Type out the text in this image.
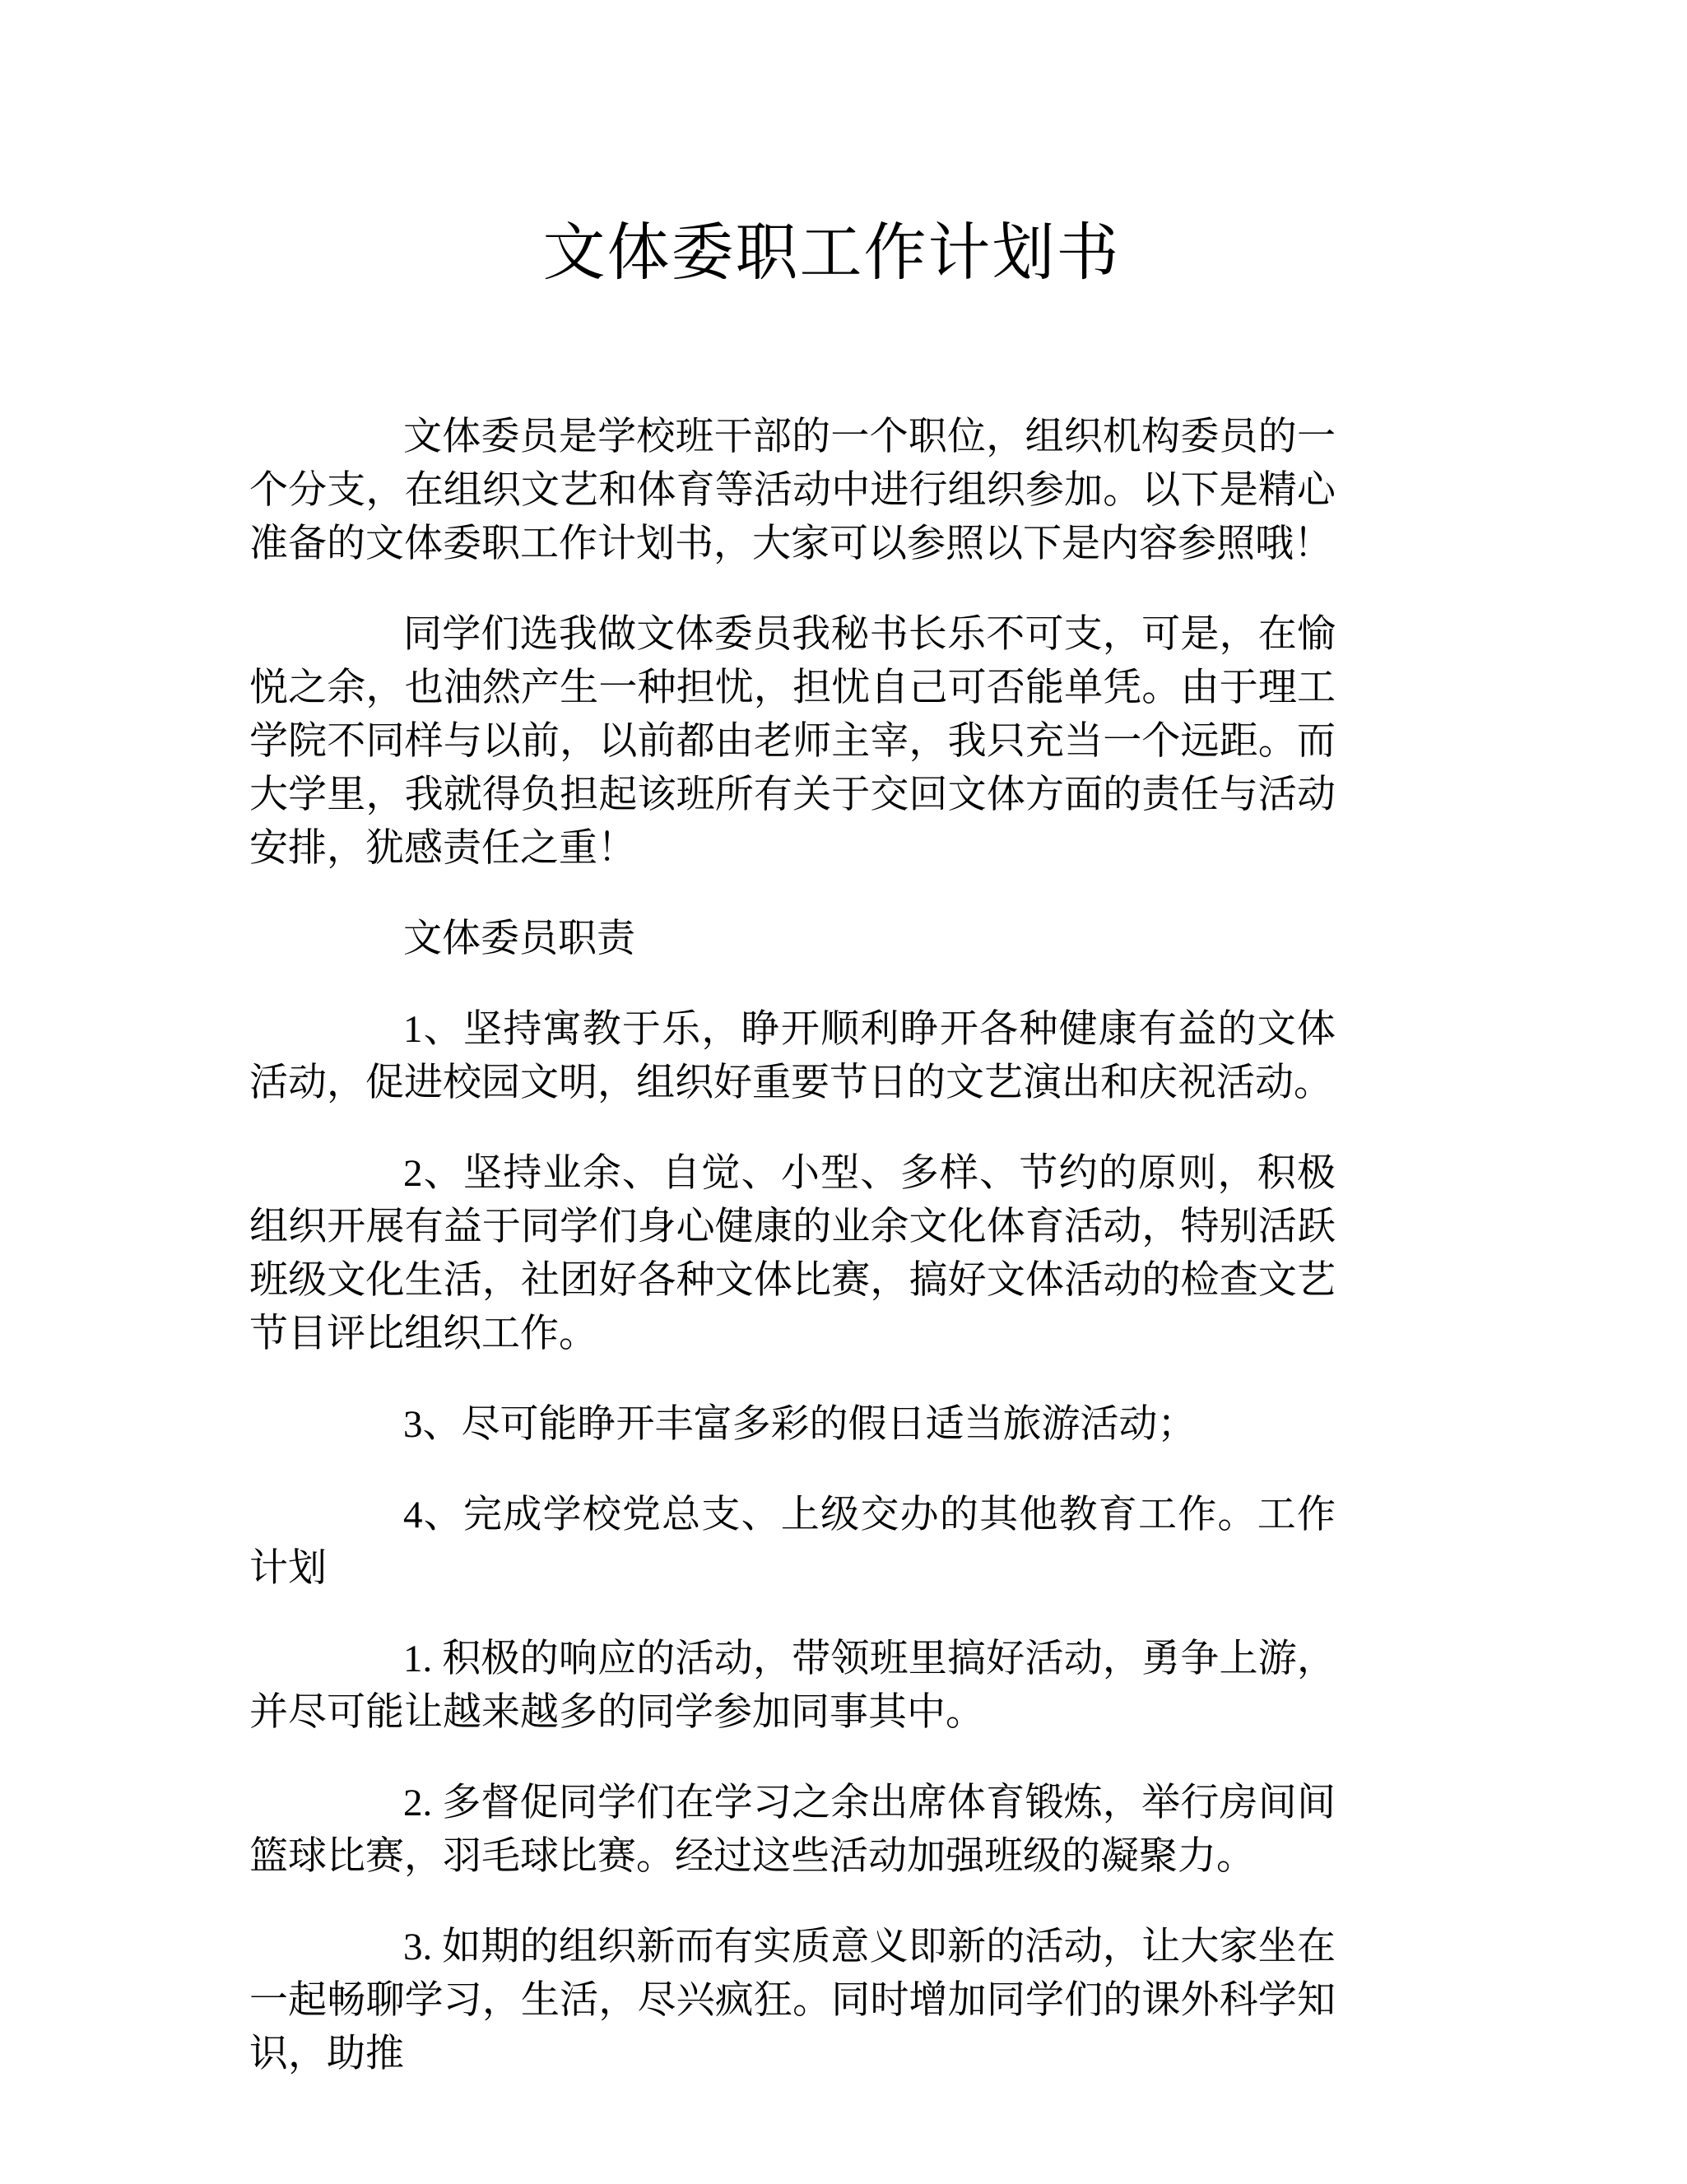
文体委职工作计划书

文体委员是学校班干部的一个职位，组织机构委员的一个分支，在组织文艺和体育等活动中进行组织参加。以下是精心准备的文体委职工作计划书，大家可以参照以下是内容参照哦！

同学们选我做文体委员我秘书长乐不可支，可是，在愉悦之余，也油然产生一种担忧，担忧自己可否能单凭。由于理工学院不同样与以前，以前都由老师主宰，我只充当一个远距。而大学里，我就得负担起该班所有关于交回文体方面的责任与活动安排，犹感责任之重！

文体委员职责

1、坚持寓教于乐，睁开顺利睁开各种健康有益的文体活动，促进校园文明，组织好重要节日的文艺演出和庆祝活动。

2、坚持业余、自觉、小型、多样、节约的原则，积极组织开展有益于同学们身心健康的业余文化体育活动，特别活跃班级文化生活，社团好各种文体比赛，搞好文体活动的检查文艺节目评比组织工作。

3、尽可能睁开丰富多彩的假日适当旅游活动；

4、完成学校党总支、上级交办的其他教育工作。工作计划

1. 积极的响应的活动，带领班里搞好活动，勇争上游，并尽可能让越来越多的同学参加同事其中。

2. 多督促同学们在学习之余出席体育锻炼，举行房间间篮球比赛，羽毛球比赛。经过这些活动加强班级的凝聚力。

3. 如期的组织新而有实质意义即新的活动，让大家坐在一起畅聊学习，生活，尽兴疯狂。同时增加同学们的课外科学知识，助推
